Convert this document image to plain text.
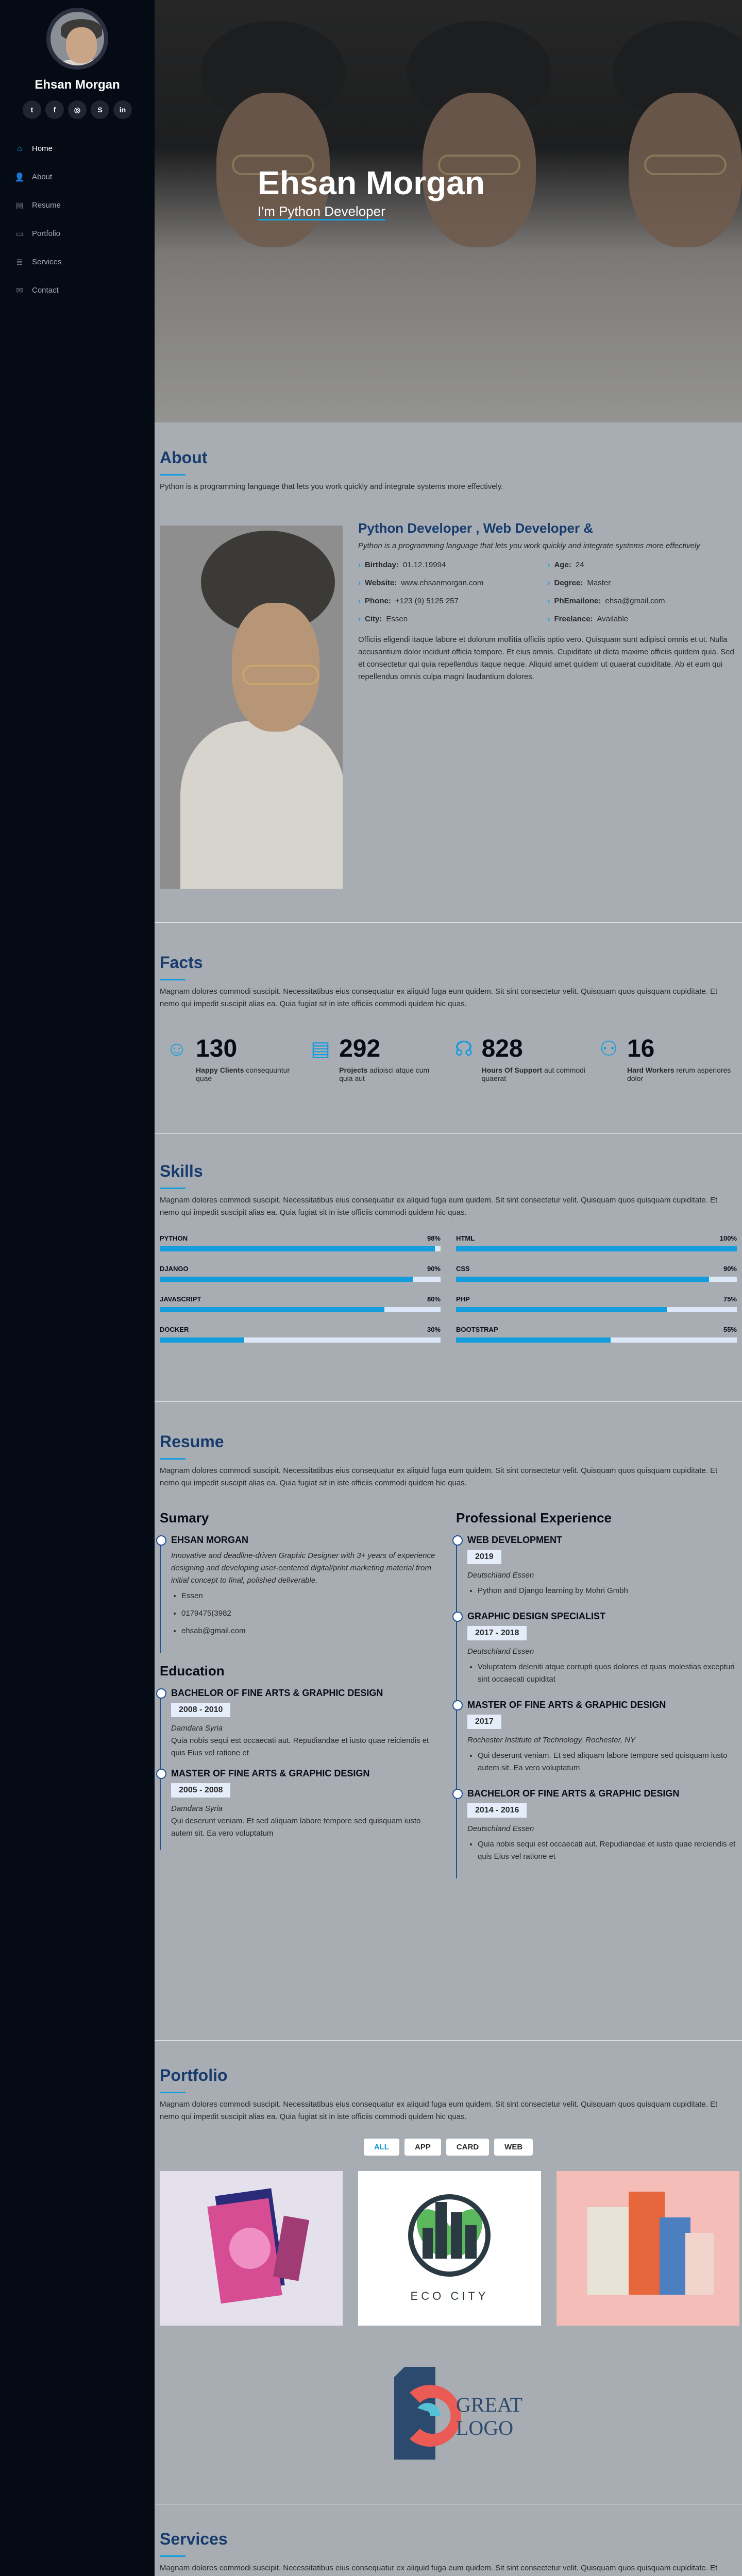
Ehsan Morgan
t	f	◎ S in
⌂	Home
👤 About
▤ Resume
▭ Portfolio
≣ Services
✉ Contact
Ehsan Morgan

I'm Python Developer

About

Python is a programming language that lets you work quickly and integrate systems more effectively.

Python Developer , Web Developer &

Python is a programming language that lets you work quickly and integrate systems more effectively

› Birthday: 01.12.19994	› Age: 24
› Website: www.ehsanmorgan.com	› Degree: Master
› Phone: +123 (9) 5125 257	› PhEmailone: ehsa@gmail.com
› City: Essen	› Freelance: Available

Officiis eligendi itaque labore et dolorum mollitia officiis optio vero. Quisquam sunt adipisci omnis et ut. Nulla accusantium dolor incidunt officia tempore. Et eius omnis. Cupiditate ut dicta maxime officiis quidem quia. Sed et consectetur qui quia repellendus itaque neque. Aliquid amet quidem ut quaerat cupiditate. Ab et eum qui repellendus omnis culpa magni laudantium dolores.

Facts

Magnam dolores commodi suscipit. Necessitatibus eius consequatur ex aliquid fuga eum quidem. Sit sint consectetur velit. Quisquam quos quisquam cupiditate. Et nemo qui impedit suscipit alias ea. Quia fugiat sit in iste officiis commodi quidem hic quas.

☺ 130
Happy Clients consequuntur quae
▤ 292
Projects adipisci atque cum quia aut
☊ 828
Hours Of Support aut commodi quaerat
⚇ 16
Hard Workers rerum asperiores dolor
Skills

Magnam dolores commodi suscipit. Necessitatibus eius consequatur ex aliquid fuga eum quidem. Sit sint consectetur velit. Quisquam quos quisquam cupiditate. Et nemo qui impedit suscipit alias ea. Quia fugiat sit in iste officiis commodi quidem hic quas.

PYTHON	98%
DJANGO	90%
JAVASCRIPT	80%
DOCKER	30%
HTML	100%
CSS	90%
PHP	75%
BOOTSTRAP	55%
Resume

Magnam dolores commodi suscipit. Necessitatibus eius consequatur ex aliquid fuga eum quidem. Sit sint consectetur velit. Quisquam quos quisquam cupiditate. Et nemo qui impedit suscipit alias ea. Quia fugiat sit in iste officiis commodi quidem hic quas.

Sumary
EHSAN MORGAN

Innovative and deadline-driven Graphic Designer with 3+ years of experience designing and developing user-centered digital/print marketing material from initial concept to final, polished deliverable.

• Essen
• 0179475(3982
• ehsab@gmail.com
Education
BACHELOR OF FINE ARTS & GRAPHIC DESIGN
2008 - 2010

Damdara Syria

Quia nobis sequi est occaecati aut. Repudiandae et iusto quae reiciendis et quis Eius vel ratione et

MASTER OF FINE ARTS & GRAPHIC DESIGN
2005 - 2008

Damdara Syria

Qui deserunt veniam. Et sed aliquam labore tempore sed quisquam iusto autem sit. Ea vero voluptatum

Professional Experience
WEB DEVELOPMENT
2019

Deutschland Essen

• Python and Django learning by Mohri Gmbh
GRAPHIC DESIGN SPECIALIST
2017 - 2018

Deutschland Essen

• Voluptatem deleniti atque corrupti quos dolores et quas molestias excepturi sint occaecati cupiditat
MASTER OF FINE ARTS & GRAPHIC DESIGN
2017

Rochester Institute of Technology, Rochester, NY

• Qui deserunt veniam. Et sed aliquam labore tempore sed quisquam iusto autem sit. Ea vero voluptatum
BACHELOR OF FINE ARTS & GRAPHIC DESIGN
2014 - 2016

Deutschland Essen

• Quia nobis sequi est occaecati aut. Repudiandae et iusto quae reiciendis et quis Eius vel ratione et
Portfolio

Magnam dolores commodi suscipit. Necessitatibus eius consequatur ex aliquid fuga eum quidem. Sit sint consectetur velit. Quisquam quos quisquam cupiditate. Et nemo qui impedit suscipit alias ea. Quia fugiat sit in iste officiis commodi quidem hic quas.

ALL	APP	CARD	WEB
ECO CITY
GREAT
LOGO
Services

Magnam dolores commodi suscipit. Necessitatibus eius consequatur ex aliquid fuga eum quidem. Sit sint consectetur velit. Quisquam quos quisquam cupiditate. Et
